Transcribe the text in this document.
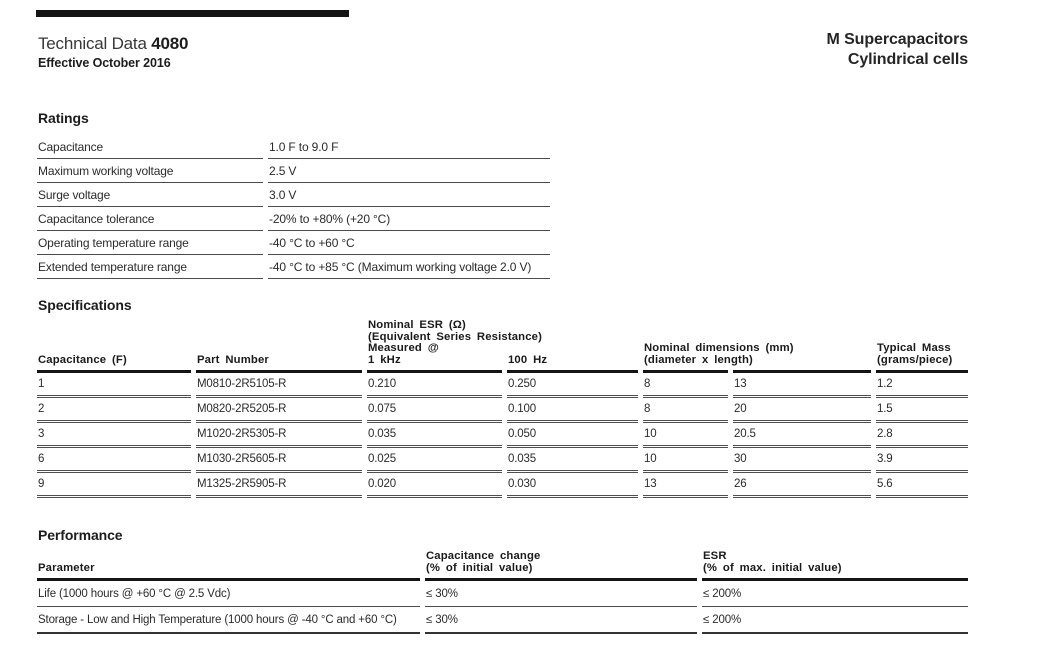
Technical Data 4080
Effective October 2016
M Supercapacitors
Cylindrical cells
Ratings
Capacitance	1.0 F to 9.0 F
Maximum working voltage	2.5 V
Surge voltage	3.0 V
Capacitance tolerance	-20% to +80% (+20 °C)
Operating temperature range	-40 °C to +60 °C
Extended temperature range	-40 °C to +85 °C (Maximum working voltage 2.0 V)
Specifications
Capacitance (F)	Part Number
Nominal ESR (Ω)
(Equivalent Series Resistance)
Measured @
1 kHz	100 Hz
Nominal dimensions (mm)
(diameter x length)
Typical Mass
(grams/piece)
1	M0810-2R5105-R	0.210	0.250	8	13	1.2
2	M0820-2R5205-R	0.075	0.100	8	20	1.5
3	M1020-2R5305-R	0.035	0.050	10	20.5	2.8
6	M1030-2R5605-R	0.025	0.035	10	30	3.9
9	M1325-2R5905-R	0.020	0.030	13	26	5.6
Performance
Parameter
Capacitance change
(% of initial value)
ESR
(% of max. initial value)
Life (1000 hours @ +60 °C @ 2.5 Vdc)	≤ 30%	≤ 200%
Storage - Low and High Temperature (1000 hours @ -40 °C and +60 °C)	≤ 30%	≤ 200%
